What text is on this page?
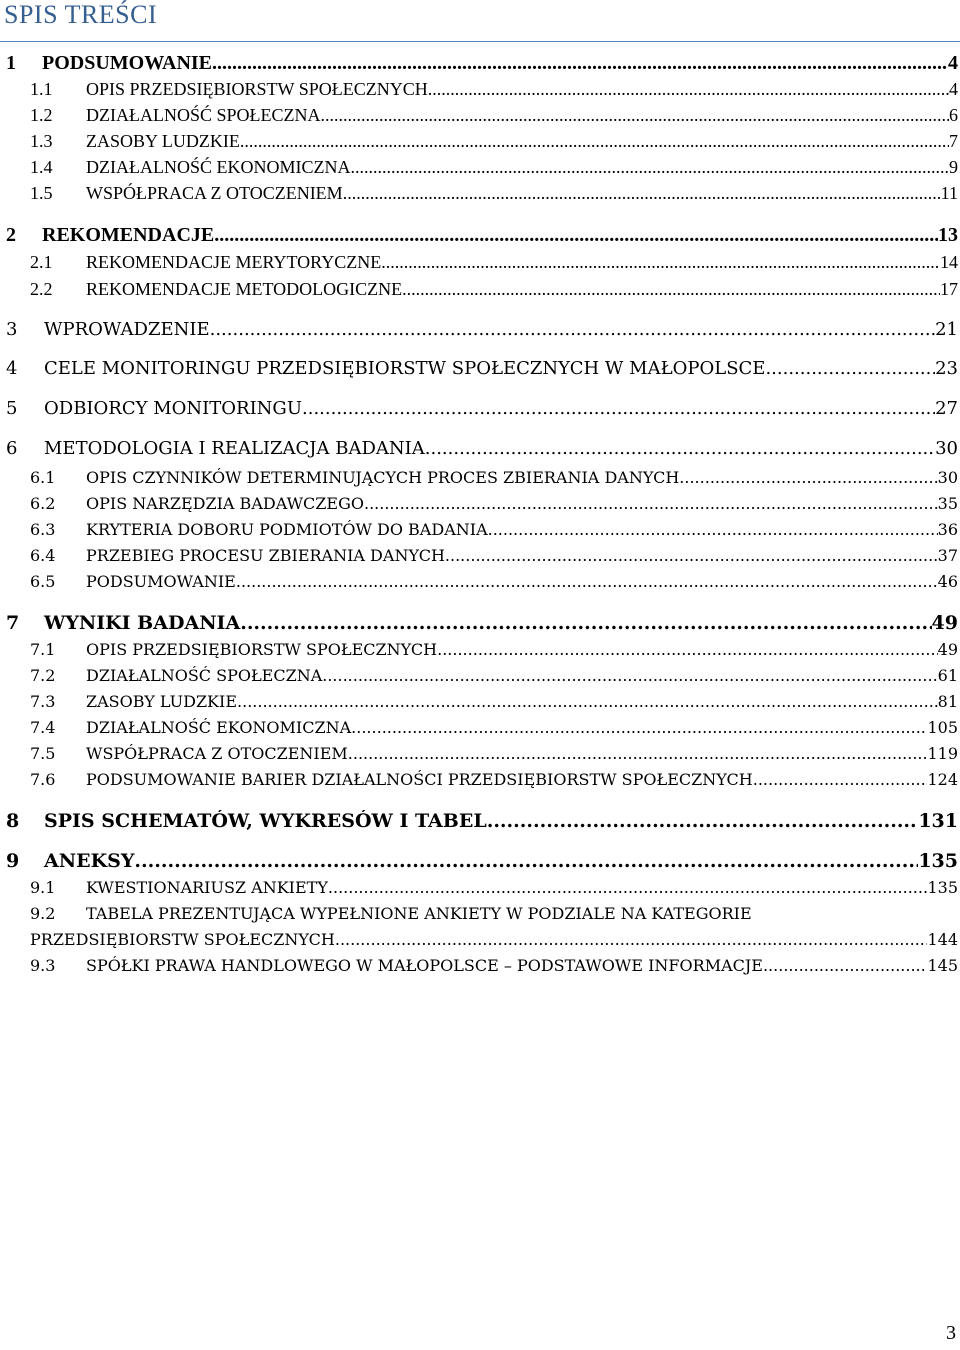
SPIS TREŚCI
1	PODSUMOWANIE .....	4
1.1	OPIS PRZEDSIĘBIORSTW SPOŁECZNYCH .....	4
1.2	DZIAŁALNOŚĆ SPOŁECZNA .....	6
1.3	ZASOBY LUDZKIE .....	7
1.4	DZIAŁALNOŚĆ EKONOMICZNA .....	9
1.5	WSPÓŁPRACA Z OTOCZENIEM .....	11
2	REKOMENDACJE .....	13
2.1	REKOMENDACJE MERYTORYCZNE .....	14
2.2	REKOMENDACJE METODOLOGICZNE .....	17
3	WPROWADZENIE .....	21
4	CELE MONITORINGU PRZEDSIĘBIORSTW SPOŁECZNYCH W MAŁOPOLSCE .....	23
5	ODBIORCY MONITORINGU .....	27
6	METODOLOGIA I REALIZACJA BADANIA .....	30
6.1	OPIS CZYNNIKÓW DETERMINUJĄCYCH PROCES ZBIERANIA DANYCH .....	30
6.2	OPIS NARZĘDZIA BADAWCZEGO .....	35
6.3	KRYTERIA DOBORU PODMIOTÓW DO BADANIA .....	36
6.4	PRZEBIEG PROCESU ZBIERANIA DANYCH .....	37
6.5	PODSUMOWANIE .....	46
7	WYNIKI BADANIA .....	49
7.1	OPIS PRZEDSIĘBIORSTW SPOŁECZNYCH .....	49
7.2	DZIAŁALNOŚĆ SPOŁECZNA .....	61
7.3	ZASOBY LUDZKIE .....	81
7.4	DZIAŁALNOŚĆ EKONOMICZNA .....	105
7.5	WSPÓŁPRACA Z OTOCZENIEM .....	119
7.6	PODSUMOWANIE BARIER DZIAŁALNOŚCI PRZEDSIĘBIORSTW SPOŁECZNYCH .....	124
8	SPIS SCHEMATÓW, WYKRESÓW I TABEL .....	131
9	ANEKSY .....	135
9.1	KWESTIONARIUSZ ANKIETY .....	135
9.2 TABELA PREZENTUJĄCA WYPEŁNIONE ANKIETY W PODZIALE NA KATEGORIE
PRZEDSIĘBIORSTW SPOŁECZNYCH .....	144
9.3	SPÓŁKI PRAWA HANDLOWEGO W MAŁOPOLSCE – PODSTAWOWE INFORMACJE .....	145
3
